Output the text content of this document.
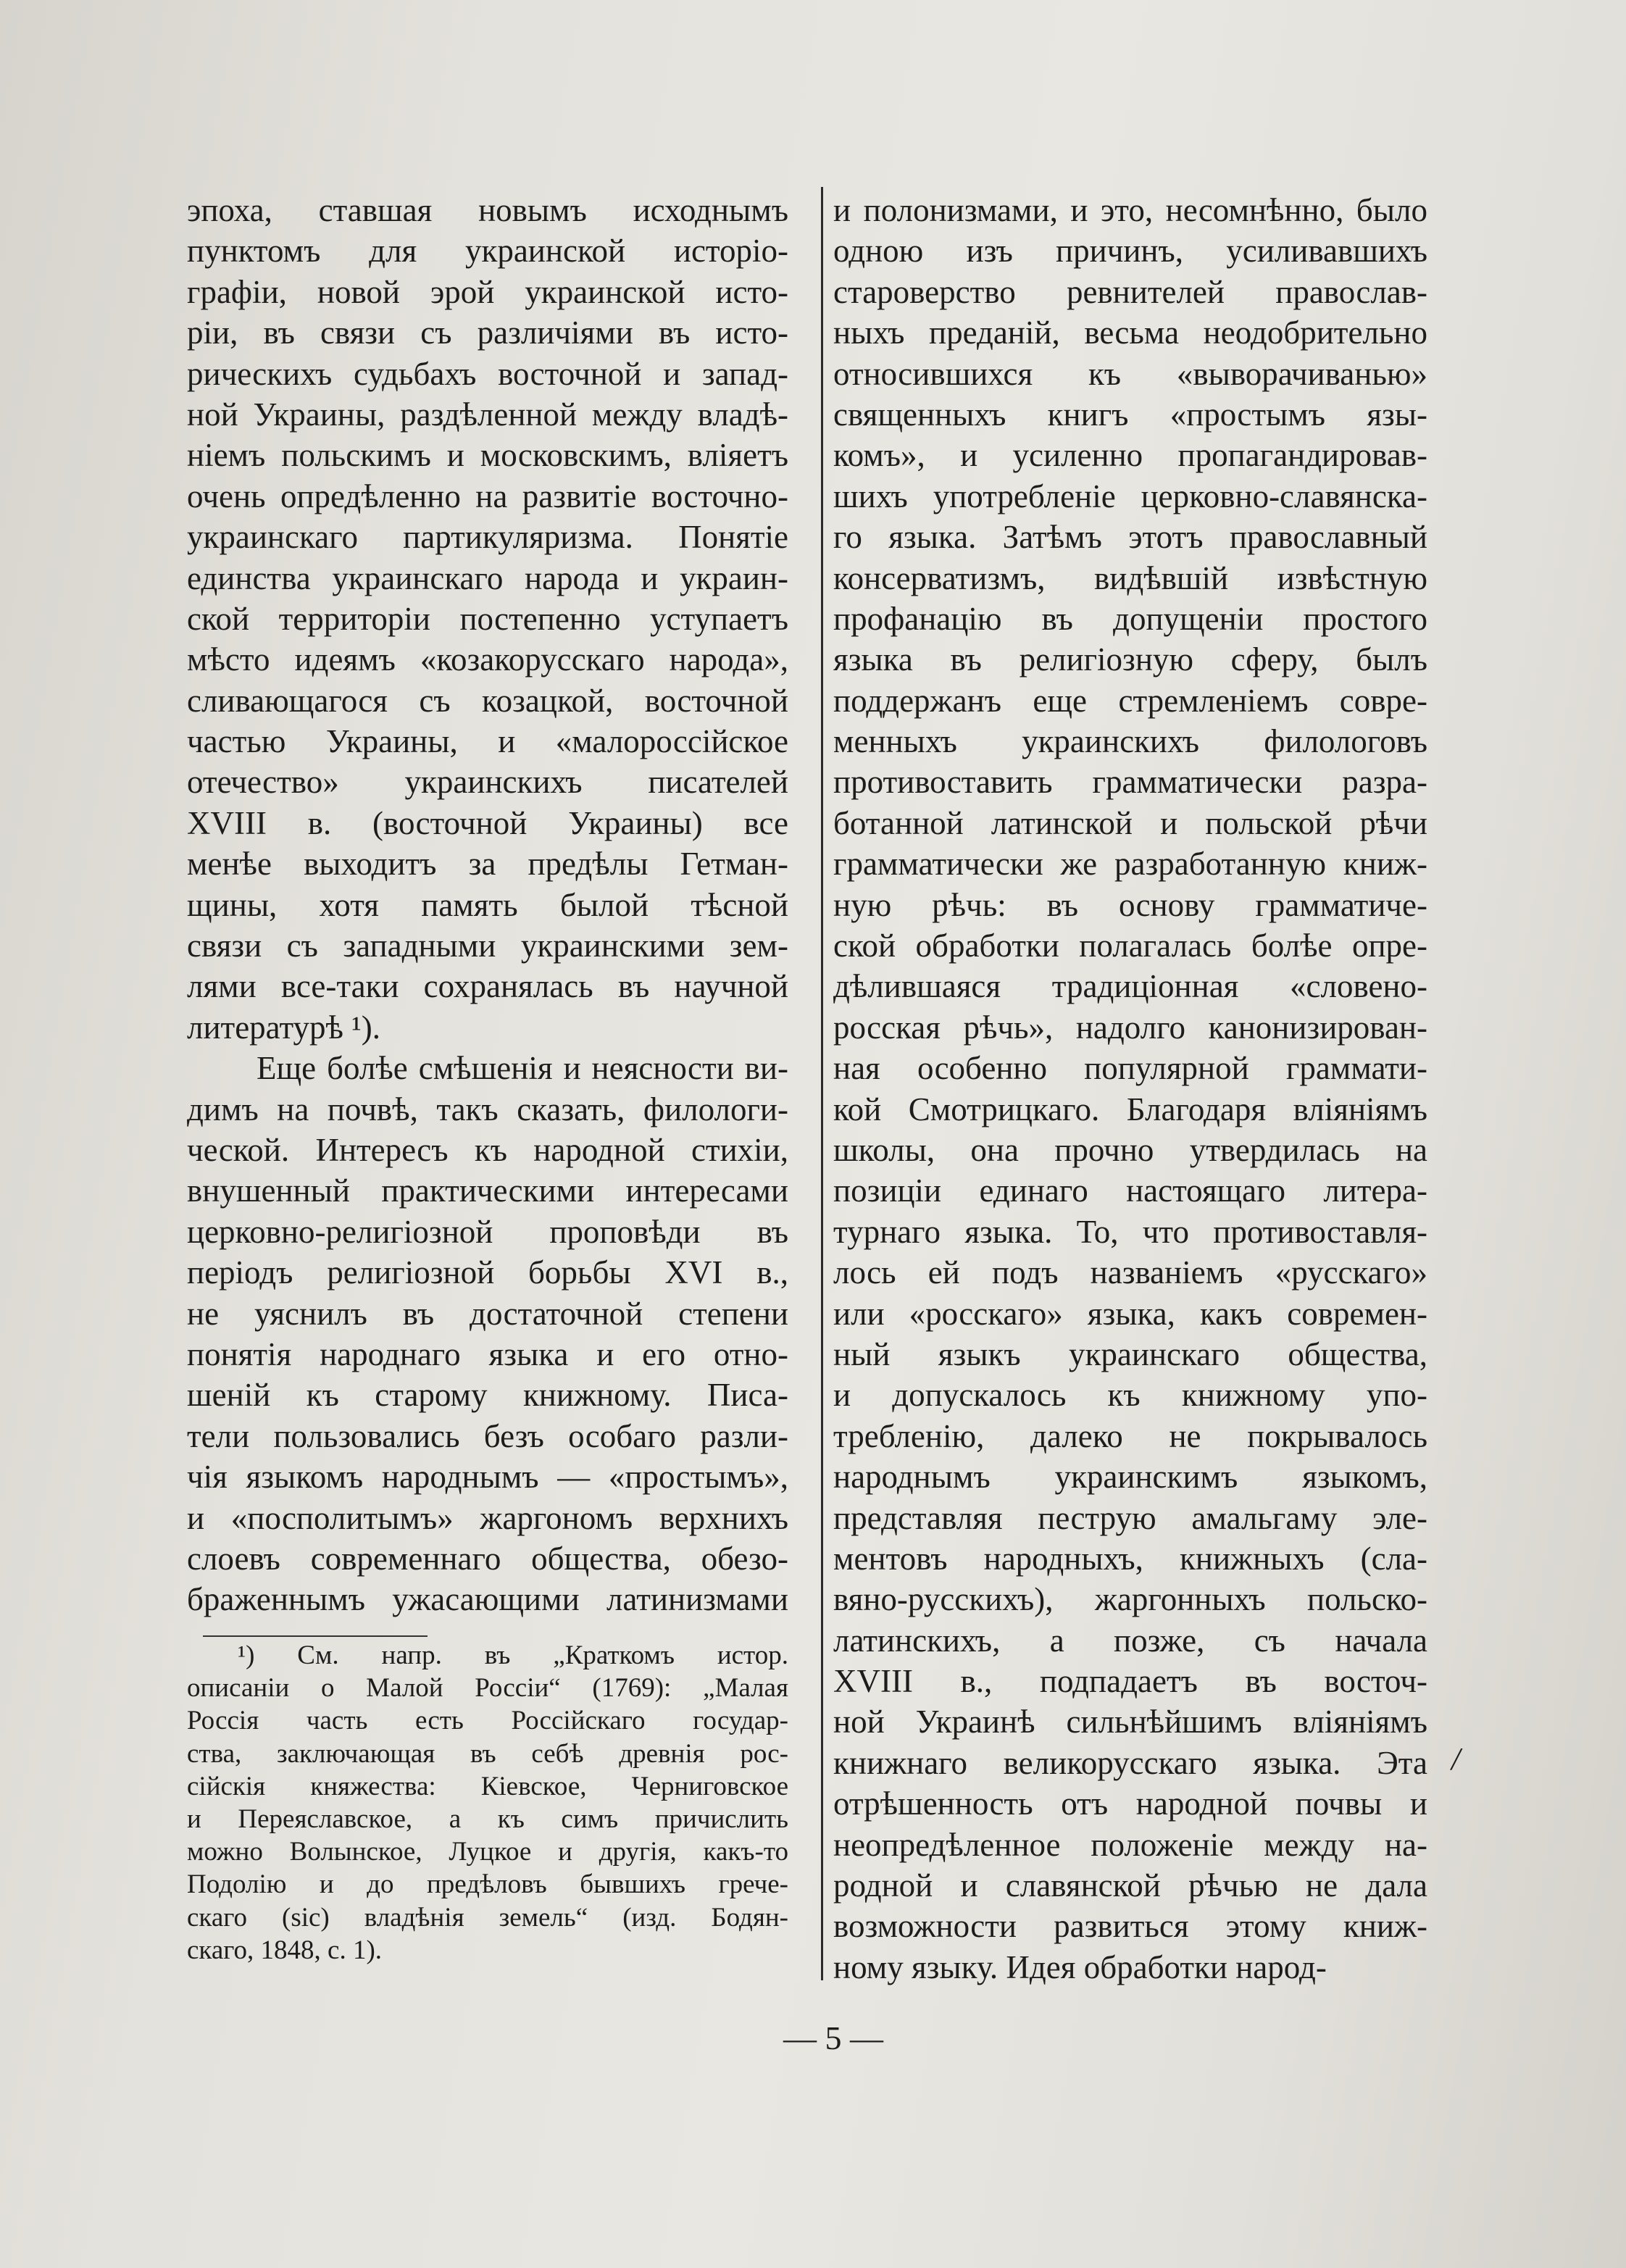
эпоха, ставшая новымъ исходнымъ
пунктомъ для украинской исторіо-
графіи, новой эрой украинской исто-
ріи, въ связи съ различіями въ исто-
рическихъ судьбахъ восточной и запад-
ной Украины, раздѣленной между владѣ-
ніемъ польскимъ и московскимъ, вліяетъ
очень опредѣленно на развитіе восточно-
украинскаго партикуляризма. Понятіе
единства украинскаго народа и украин-
ской территоріи постепенно уступаетъ
мѣсто идеямъ «козакорусскаго народа»,
сливающагося съ козацкой, восточной
частью Украины, и «малороссійское
отечество» украинскихъ писателей
XVIII в. (восточной Украины) все
менѣе выходитъ за предѣлы Гетман-
щины, хотя память былой тѣсной
связи съ западными украинскими зем-
лями все-таки сохранялась въ научной
литературѣ ¹).
Еще болѣе смѣшенія и неясности ви-
димъ на почвѣ, такъ сказать, филологи-
ческой. Интересъ къ народной стихіи,
внушенный практическими интересами
церковно-религіозной проповѣди въ
періодъ религіозной борьбы XVI в.,
не уяснилъ въ достаточной степени
понятія народнаго языка и его отно-
шеній къ старому книжному. Писа-
тели пользовались безъ особаго разли-
чія языкомъ народнымъ — «простымъ»,
и «посполитымъ» жаргономъ верхнихъ
слоевъ современнаго общества, обезо-
браженнымъ ужасающими латинизмами
и полонизмами, и это, несомнѣнно, было
одною изъ причинъ, усиливавшихъ
староверство ревнителей православ-
ныхъ преданій, весьма неодобрительно
относившихся къ «выворачиванью»
священныхъ книгъ «простымъ язы-
комъ», и усиленно пропагандировав-
шихъ употребленіе церковно-славянска-
го языка. Затѣмъ этотъ православный
консерватизмъ, видѣвшій извѣстную
профанацію въ допущеніи простого
языка въ религіозную сферу, былъ
поддержанъ еще стремленіемъ совре-
менныхъ украинскихъ филологовъ
противоставить грамматически разра-
ботанной латинской и польской рѣчи
грамматически же разработанную книж-
ную рѣчь: въ основу грамматиче-
ской обработки полагалась болѣе опре-
дѣлившаяся традиціонная «словено-
росская рѣчь», надолго канонизирован-
ная особенно популярной граммати-
кой Смотрицкаго. Благодаря вліяніямъ
школы, она прочно утвердилась на
позиціи единаго настоящаго литера-
турнаго языка. То, что противоставля-
лось ей подъ названіемъ «русскаго»
или «росскаго» языка, какъ современ-
ный языкъ украинскаго общества,
и допускалось къ книжному упо-
требленію, далеко не покрывалось
народнымъ украинскимъ языкомъ,
представляя пеструю амальгаму эле-
ментовъ народныхъ, книжныхъ (сла-
вяно-русскихъ), жаргонныхъ польско-
латинскихъ, а позже, съ начала
XVIII в., подпадаетъ въ восточ-
ной Украинѣ сильнѣйшимъ вліяніямъ
книжнаго великорусскаго языка. Эта
отрѣшенность отъ народной почвы и
неопредѣленное положеніе между на-
родной и славянской рѣчью не дала
возможности развиться этому книж-
ному языку. Идея обработки народ-
¹) См. напр. въ „Краткомъ истор.
описаніи о Малой Россіи“ (1769): „Малая
Россія часть есть Россійскаго государ-
ства, заключающая въ себѣ древнія рос-
сійскія княжества: Кіевское, Черниговское
и Переяславское, а къ симъ причислить
можно Волынское, Луцкое и другія, какъ-то
Подолію и до предѣловъ бывшихъ грече-
скаго (sic) владѣнія земель“ (изд. Бодян-
скаго, 1848, с. 1).
— 5 —
/
